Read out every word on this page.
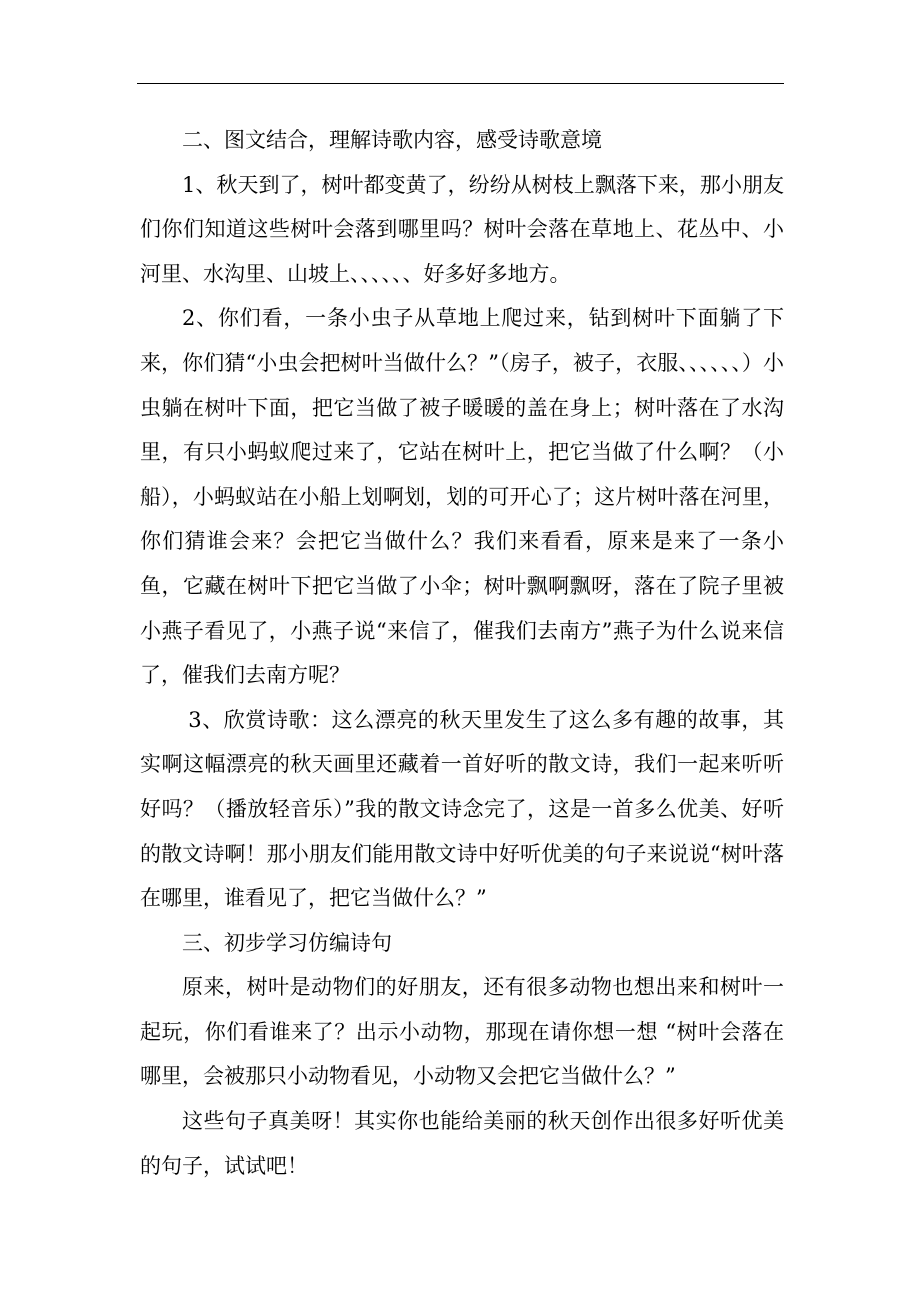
二、图文结合，理解诗歌内容，感受诗歌意境

1、秋天到了，树叶都变黄了，纷纷从树枝上飘落下来，那小朋友们你们知道这些树叶会落到哪里吗？树叶会落在草地上、花丛中、小河里、水沟里、山坡上、、、、、、好多好多地方。

2、你们看，一条小虫子从草地上爬过来，钻到树叶下面躺了下来，你们猜“小虫会把树叶当做什么？”（房子，被子，衣服、、、、、、）小虫躺在树叶下面，把它当做了被子暖暖的盖在身上；树叶落在了水沟里，有只小蚂蚁爬过来了，它站在树叶上，把它当做了什么啊？（小船），小蚂蚁站在小船上划啊划，划的可开心了；这片树叶落在河里，你们猜谁会来？会把它当做什么？我们来看看，原来是来了一条小鱼，它藏在树叶下把它当做了小伞；树叶飘啊飘呀，落在了院子里被小燕子看见了，小燕子说“来信了，催我们去南方”燕子为什么说来信了，催我们去南方呢？

3、欣赏诗歌：这么漂亮的秋天里发生了这么多有趣的故事，其实啊这幅漂亮的秋天画里还藏着一首好听的散文诗，我们一起来听听好吗？（播放轻音乐）”我的散文诗念完了，这是一首多么优美、好听的散文诗啊！那小朋友们能用散文诗中好听优美的句子来说说“树叶落在哪里，谁看见了，把它当做什么？”

三、初步学习仿编诗句

原来，树叶是动物们的好朋友，还有很多动物也想出来和树叶一起玩，你们看谁来了？出示小动物，那现在请你想一想 “树叶会落在哪里，会被那只小动物看见，小动物又会把它当做什么？”

这些句子真美呀！其实你也能给美丽的秋天创作出很多好听优美的句子，试试吧！
